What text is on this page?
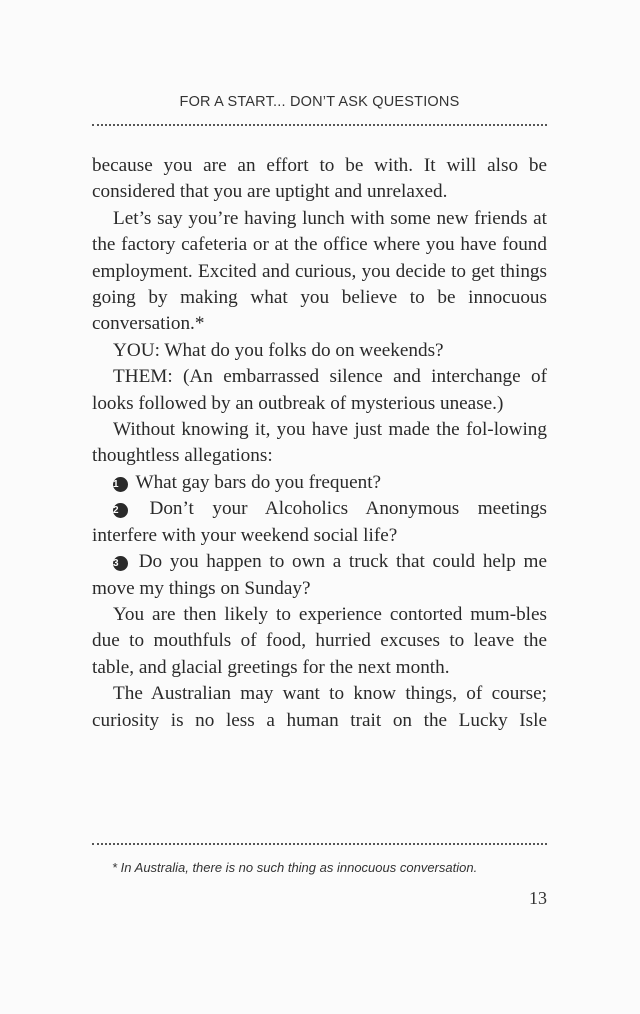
FOR A START... DON’T ASK QUESTIONS

because you are an effort to be with. It will also be

considered that you are uptight and unrelaxed.

Let’s say you’re having lunch with some new friends at the factory cafeteria or at the office where you have found employment. Excited and curious, you decide to get things going by making what you believe to be innocuous conversation.*

YOU: What do you folks do on weekends?

THEM: (An embarrassed silence and interchange of looks followed by an outbreak of mysterious unease.)

Without knowing it, you have just made the fol-lowing thoughtless allegations:

1 What gay bars do you frequent?

2 Don’t your Alcoholics Anonymous meetings interfere with your weekend social life?

3 Do you happen to own a truck that could help me move my things on Sunday?

You are then likely to experience contorted mum-bles due to mouthfuls of food, hurried excuses to leave the table, and glacial greetings for the next month.

The Australian may want to know things, of course; curiosity is no less a human trait on the Lucky Isle

* In Australia, there is no such thing as innocuous conversation.
13
